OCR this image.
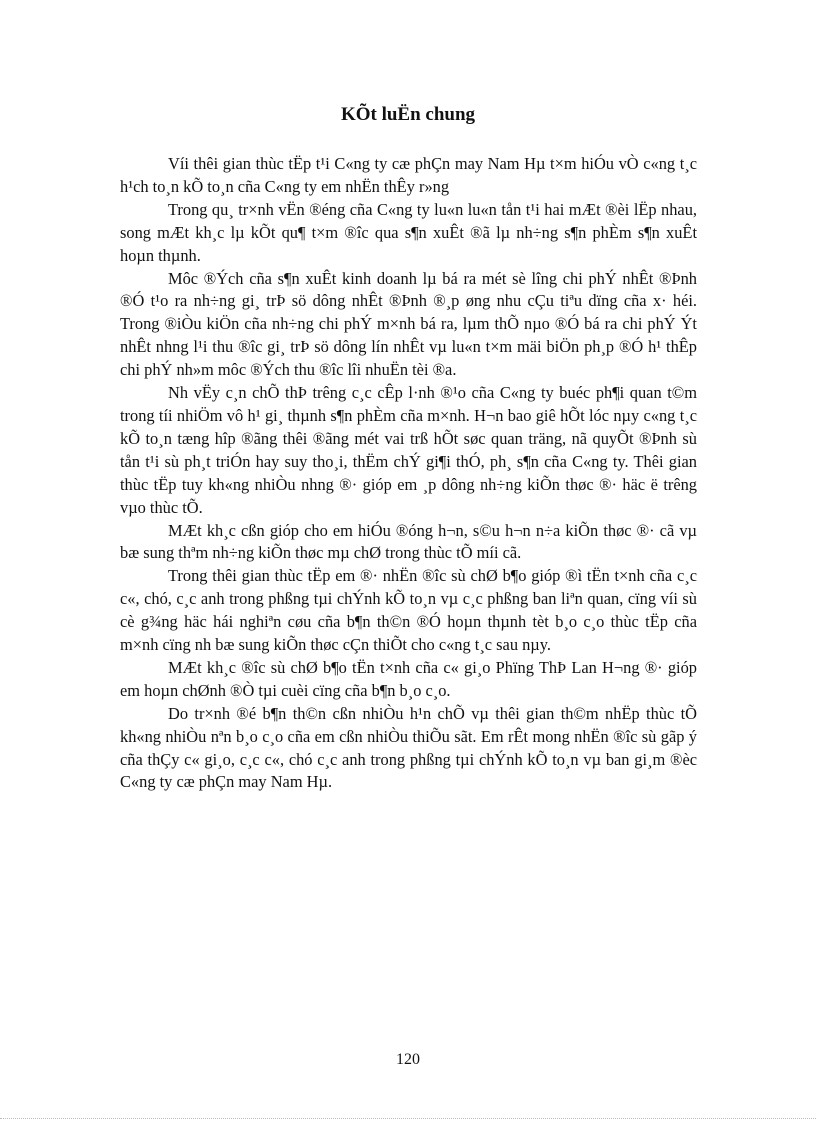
KÕt luËn chung

Víi thêi gian thùc tËp t¹i C«ng ty cæ phÇn may Nam Hµ t×m hiÓu vÒ c«ng t¸c h¹ch to¸n kÕ to¸n cña C«ng ty em nhËn thÊy r»ng

Trong qu¸ tr×nh vËn ®éng cña C«ng ty lu«n lu«n tån t¹i hai mÆt ®èi lËp nhau, song mÆt kh¸c lµ kÕt qu¶ t×m ®îc qua s¶n xuÊt ®ã lµ nh÷ng s¶n phÈm s¶n xuÊt hoµn thµnh.

Môc ®Ých cña s¶n xuÊt kinh doanh lµ bá ra mét sè lîng chi phÝ nhÊt ®Þnh ®Ó t¹o ra nh÷ng gi¸ trÞ sö dông nhÊt ®Þnh ®¸p øng nhu cÇu tiªu dïng cña x· héi. Trong ®iÒu kiÖn cña nh÷ng chi phÝ m×nh bá ra, lµm thÕ nµo ®Ó bá ra chi phÝ Ýt nhÊt nhng l¹i thu ®îc gi¸ trÞ sö dông lín nhÊt vµ lu«n t×m mäi biÖn ph¸p ®Ó h¹ thÊp chi phÝ nh»m môc ®Ých thu ®îc lîi nhuËn tèi ®a.

Nh vËy c¸n chÕ thÞ trêng c¸c cÊp l·nh ®¹o cña C«ng ty buéc ph¶i quan t©m trong tíi nhiÖm vô h¹ gi¸ thµnh s¶n phÈm cña m×nh. H¬n bao giê hÕt lóc nµy c«ng t¸c kÕ to¸n tæng hîp ®ãng thêi ®ãng mét vai trß hÕt søc quan träng, nã quyÕt ®Þnh sù tån t¹i sù ph¸t triÓn hay suy tho¸i, thËm chÝ gi¶i thÓ, ph¸ s¶n cña C«ng ty. Thêi gian thùc tËp tuy kh«ng nhiÒu nhng ®· gióp em ¸p dông nh÷ng kiÕn thøc ®· häc ë trêng vµo thùc tÕ.

MÆt kh¸c cßn gióp cho em hiÓu ®óng h¬n, s©u h¬n n÷a kiÕn thøc ®· cã vµ bæ sung thªm nh÷ng kiÕn thøc mµ chØ trong thùc tÕ míi cã.

Trong thêi gian thùc tËp em ®· nhËn ®îc sù chØ b¶o gióp ®ì tËn t×nh cña c¸c c«, chó, c¸c anh trong phßng tµi chÝnh kÕ to¸n vµ c¸c phßng ban liªn quan, cïng víi sù cè g¾ng häc hái nghiªn cøu cña b¶n th©n ®Ó hoµn thµnh tèt b¸o c¸o thùc tËp cña m×nh cïng nh bæ sung kiÕn thøc cÇn thiÕt cho c«ng t¸c sau nµy.

MÆt kh¸c ®îc sù chØ b¶o tËn t×nh cña c« gi¸o Phïng ThÞ Lan H¬ng ®· gióp em hoµn chØnh ®Ò tµi cuèi cïng cña b¶n b¸o c¸o.

Do tr×nh ®é b¶n th©n cßn nhiÒu h¹n chÕ vµ thêi gian th©m nhËp thùc tÕ kh«ng nhiÒu nªn b¸o c¸o cña em cßn nhiÒu thiÕu sãt. Em rÊt mong nhËn ®îc sù gãp ý cña thÇy c« gi¸o, c¸c c«, chó c¸c anh trong phßng tµi chÝnh kÕ to¸n vµ ban gi¸m ®èc C«ng ty cæ phÇn may Nam Hµ.

120
